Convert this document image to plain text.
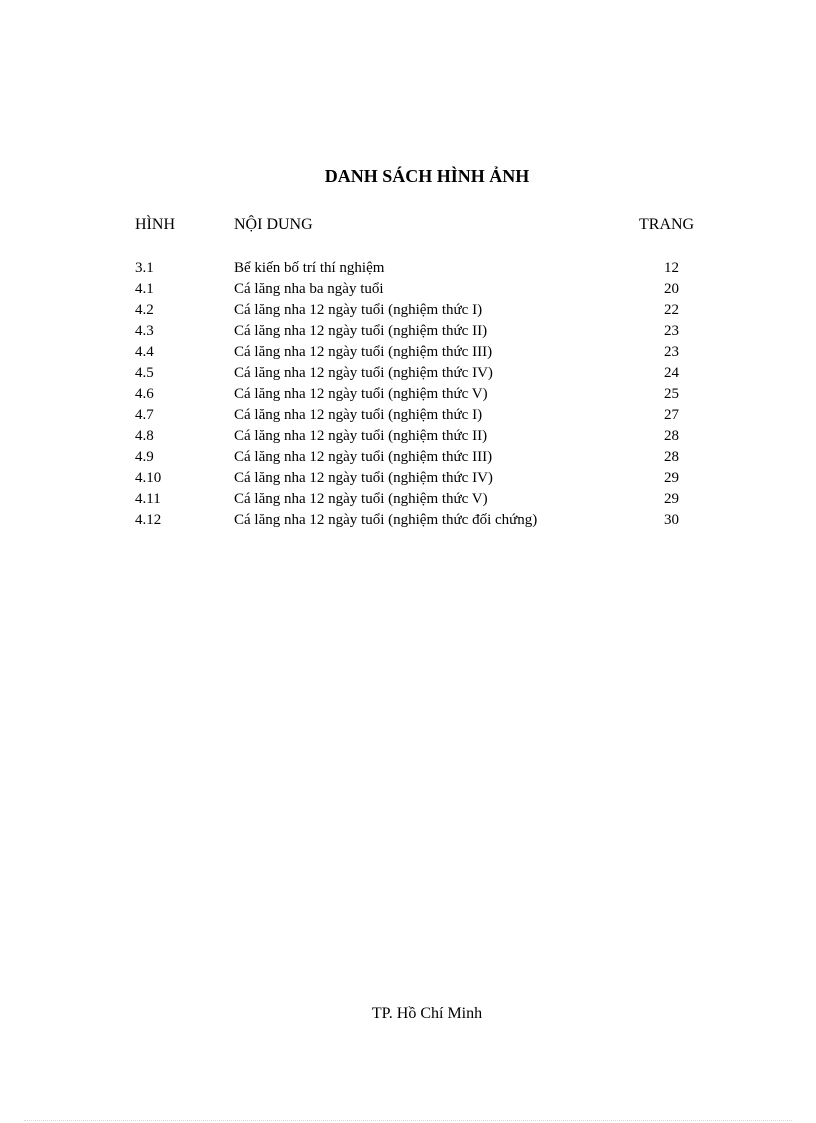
DANH SÁCH HÌNH ẢNH
HÌNH	NỘI DUNG	TRANG
3.1	Bể kiến bố trí thí nghiệm	12
4.1	Cá lăng nha ba ngày tuổi	20
4.2	Cá lăng nha 12 ngày tuổi (nghiệm thức I)	22
4.3	Cá lăng nha 12 ngày tuổi (nghiệm thức II)	23
4.4	Cá lăng nha 12 ngày tuổi (nghiệm thức III)	23
4.5	Cá lăng nha 12 ngày tuổi (nghiệm thức IV)	24
4.6	Cá lăng nha 12 ngày tuổi (nghiệm thức V)	25
4.7	Cá lăng nha 12 ngày tuổi (nghiệm thức I)	27
4.8	Cá lăng nha 12 ngày tuổi (nghiệm thức II)	28
4.9	Cá lăng nha 12 ngày tuổi (nghiệm thức III)	28
4.10	Cá lăng nha 12 ngày tuổi (nghiệm thức IV)	29
4.11	Cá lăng nha 12 ngày tuổi (nghiệm thức V)	29
4.12	Cá lăng nha 12 ngày tuổi (nghiệm thức đối chứng)	30
TP. Hồ Chí Minh
